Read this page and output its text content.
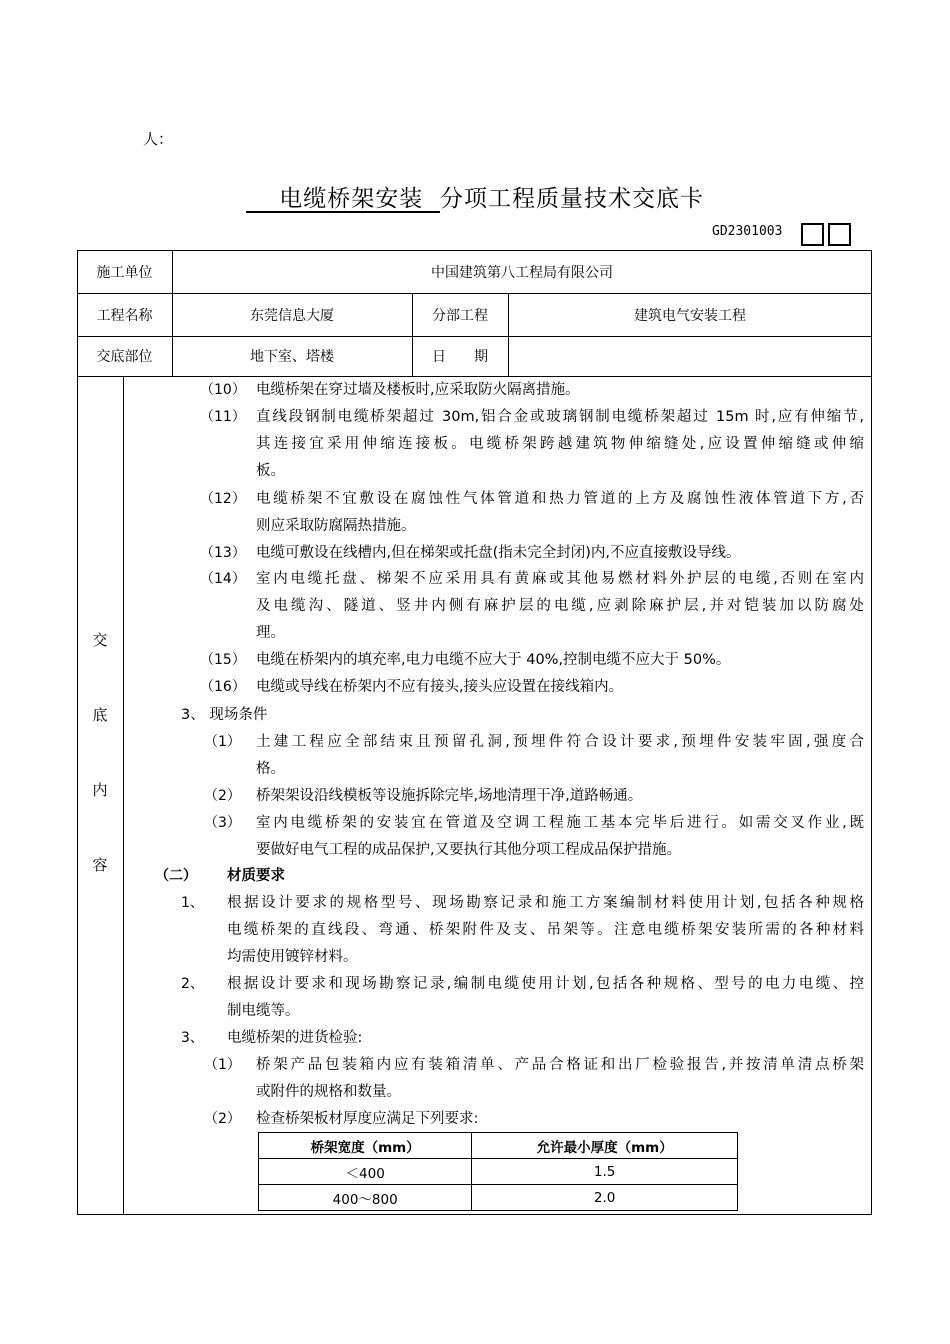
人：
电缆桥架安装  分项工程质量技术交底卡
GD2301003
施工单位	中国建筑第八工程局有限公司
工程名称	东莞信息大厦	分部工程	建筑电气安装工程
交底部位	地下室、塔楼	日　　期
交
底
内
容
（10） 电缆桥架在穿过墙及楼板时,应采取防火隔离措施。
（11） 直线段钢制电缆桥架超过 30m,铝合金或玻璃钢制电缆桥架超过 15m 时,应有伸缩节,
其连接宜采用伸缩连接板。电缆桥架跨越建筑物伸缩缝处,应设置伸缩缝或伸缩
板。
（12） 电缆桥架不宜敷设在腐蚀性气体管道和热力管道的上方及腐蚀性液体管道下方,否
则应采取防腐隔热措施。
（13） 电缆可敷设在线槽内,但在梯架或托盘(指未完全封闭)内,不应直接敷设导线。
（14） 室内电缆托盘、梯架不应采用具有黄麻或其他易燃材料外护层的电缆,否则在室内
及电缆沟、隧道、竖井内侧有麻护层的电缆,应剥除麻护层,并对铠装加以防腐处
理。
（15） 电缆在桥架内的填充率,电力电缆不应大于 40%,控制电缆不应大于 50%。
（16） 电缆或导线在桥架内不应有接头,接头应设置在接线箱内。
3、 现场条件
（1） 土建工程应全部结束且预留孔洞,预埋件符合设计要求,预埋件安装牢固,强度合
格。
（2） 桥架架设沿线模板等设施拆除完毕,场地清理干净,道路畅通。
（3） 室内电缆桥架的安装宜在管道及空调工程施工基本完毕后进行。如需交叉作业,既
要做好电气工程的成品保护,又要执行其他分项工程成品保护措施。
（二） 材质要求
1、 根据设计要求的规格型号、现场勘察记录和施工方案编制材料使用计划,包括各种规格
电缆桥架的直线段、弯通、桥架附件及支、吊架等。注意电缆桥架安装所需的各种材料
均需使用镀锌材料。
2、 根据设计要求和现场勘察记录,编制电缆使用计划,包括各种规格、型号的电力电缆、控
制电缆等。
3、 电缆桥架的进货检验:
（1） 桥架产品包装箱内应有装箱清单、产品合格证和出厂检验报告,并按清单清点桥架
或附件的规格和数量。
（2） 检查桥架板材厚度应满足下列要求:
桥架宽度（mm）	允许最小厚度（mm）
＜400	1.5
400～800	2.0
